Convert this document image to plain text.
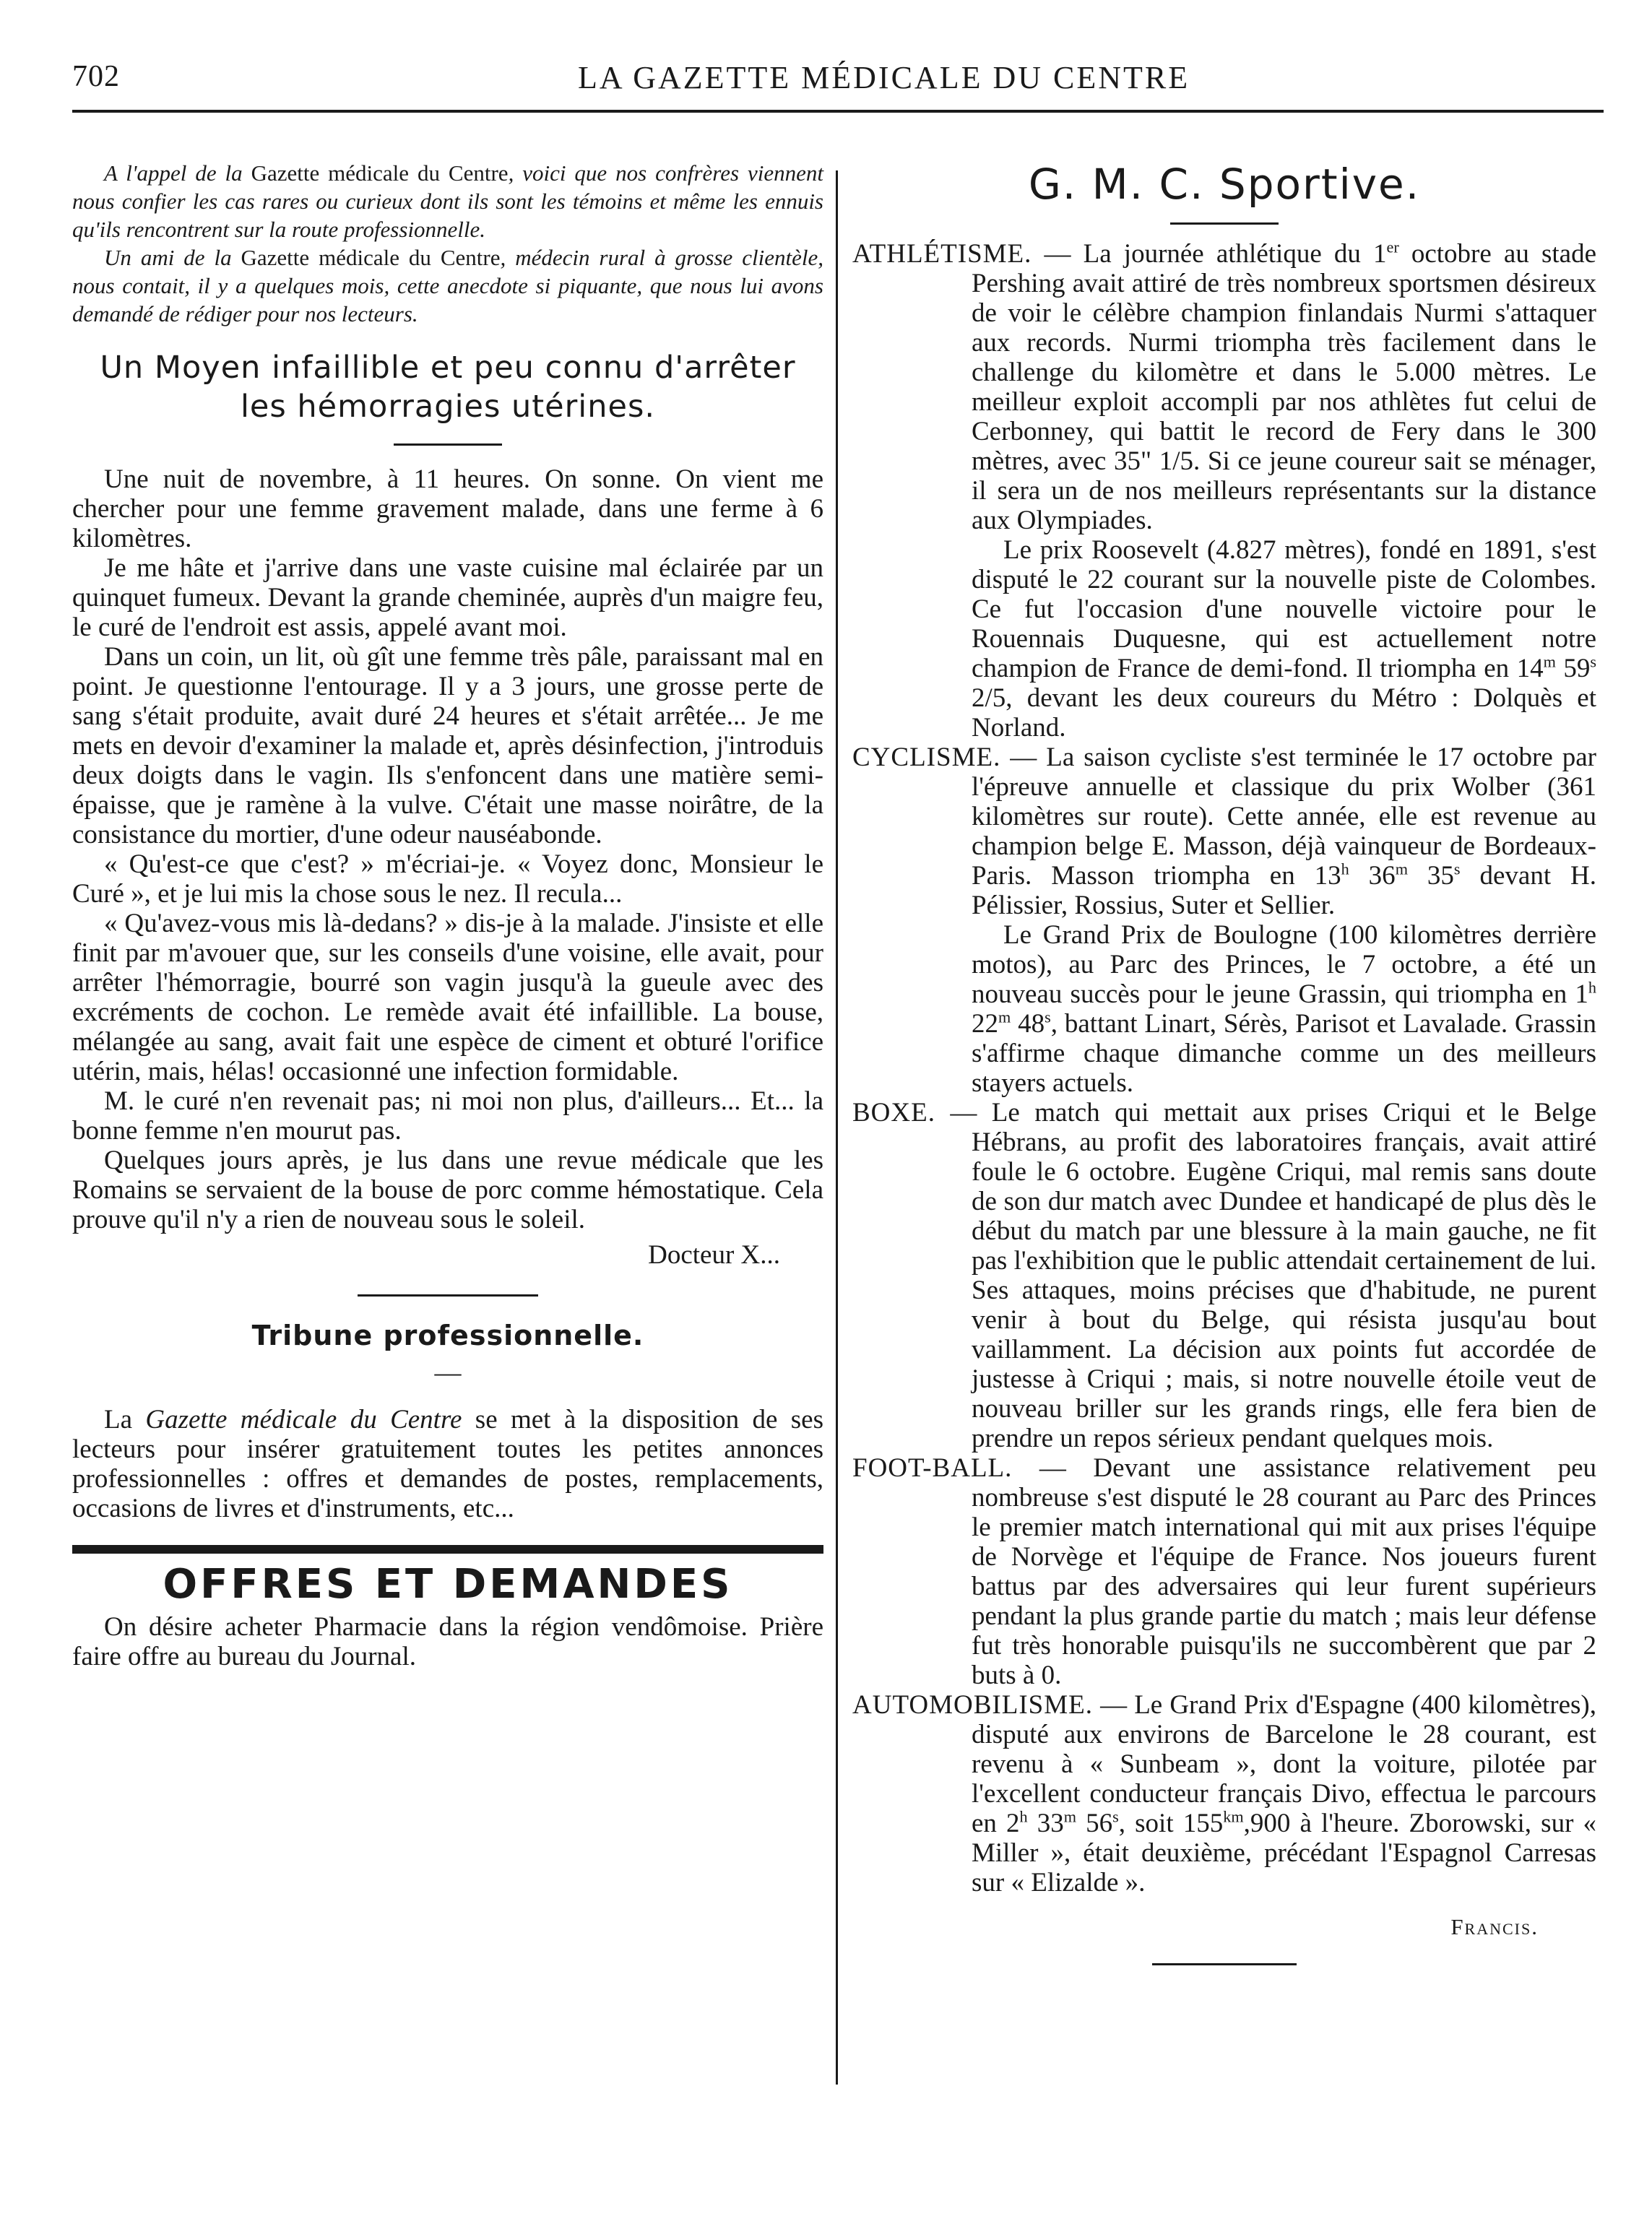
702	LA GAZETTE MÉDICALE DU CENTRE

A l'appel de la Gazette médicale du Centre, voici que nos confrères viennent nous confier les cas rares ou curieux dont ils sont les témoins et même les ennuis qu'ils rencontrent sur la route professionnelle.

Un ami de la Gazette médicale du Centre, médecin rural à grosse clientèle, nous contait, il y a quelques mois, cette anecdote si piquante, que nous lui avons demandé de rédiger pour nos lecteurs.

Un Moyen infaillible et peu connu d'arrêter les hémorragies utérines.

Une nuit de novembre, à 11 heures. On sonne. On vient me chercher pour une femme gravement malade, dans une ferme à 6 kilomètres.

Je me hâte et j'arrive dans une vaste cuisine mal éclairée par un quinquet fumeux. Devant la grande cheminée, auprès d'un maigre feu, le curé de l'endroit est assis, appelé avant moi.

Dans un coin, un lit, où gît une femme très pâle, paraissant mal en point. Je questionne l'entourage. Il y a 3 jours, une grosse perte de sang s'était produite, avait duré 24 heures et s'était arrêtée... Je me mets en devoir d'examiner la malade et, après désinfection, j'introduis deux doigts dans le vagin. Ils s'enfoncent dans une matière semi-épaisse, que je ramène à la vulve. C'était une masse noirâtre, de la consistance du mortier, d'une odeur nauséabonde.

« Qu'est-ce que c'est? » m'écriai-je. « Voyez donc, Monsieur le Curé », et je lui mis la chose sous le nez. Il recula...

« Qu'avez-vous mis là-dedans? » dis-je à la malade. J'insiste et elle finit par m'avouer que, sur les conseils d'une voisine, elle avait, pour arrêter l'hémorragie, bourré son vagin jusqu'à la gueule avec des excréments de cochon. Le remède avait été infaillible. La bouse, mélangée au sang, avait fait une espèce de ciment et obturé l'orifice utérin, mais, hélas! occasionné une infection formidable.

M. le curé n'en revenait pas; ni moi non plus, d'ailleurs... Et... la bonne femme n'en mourut pas.

Quelques jours après, je lus dans une revue médicale que les Romains se servaient de la bouse de porc comme hémostatique. Cela prouve qu'il n'y a rien de nouveau sous le soleil.

Docteur X...
Tribune professionnelle.
—

La Gazette médicale du Centre se met à la disposition de ses lecteurs pour insérer gratuitement toutes les petites annonces professionnelles : offres et demandes de postes, remplacements, occasions de livres et d'instruments, etc...

OFFRES ET DEMANDES

On désire acheter Pharmacie dans la région vendômoise. Prière faire offre au bureau du Journal.

G. M. C. Sportive.

ATHLÉTISME. — La journée athlétique du 1er octobre au stade Pershing avait attiré de très nombreux sportsmen désireux de voir le célèbre champion finlandais Nurmi s'attaquer aux records. Nurmi triompha très facilement dans le challenge du kilomètre et dans le 5.000 mètres. Le meilleur exploit accompli par nos athlètes fut celui de Cerbonney, qui battit le record de Fery dans le 300 mètres, avec 35" 1/5. Si ce jeune coureur sait se ménager, il sera un de nos meilleurs représentants sur la distance aux Olympiades.

Le prix Roosevelt (4.827 mètres), fondé en 1891, s'est disputé le 22 courant sur la nouvelle piste de Colombes. Ce fut l'occasion d'une nouvelle victoire pour le Rouennais Duquesne, qui est actuellement notre champion de France de demi-fond. Il triompha en 14$^m$ 59$^s$ 2/5, devant les deux coureurs du Métro : Dolquès et Norland.

CYCLISME. — La saison cycliste s'est terminée le 17 octobre par l'épreuve annuelle et classique du prix Wolber (361 kilomètres sur route). Cette année, elle est revenue au champion belge E. Masson, déjà vainqueur de Bordeaux-Paris. Masson triompha en 13$^h$ 36$^m$ 35$^s$ devant H. Pélissier, Rossius, Suter et Sellier.

Le Grand Prix de Boulogne (100 kilomètres derrière motos), au Parc des Princes, le 7 octobre, a été un nouveau succès pour le jeune Grassin, qui triompha en 1$^h$ 22$^m$ 48$^s$, battant Linart, Sérès, Parisot et Lavalade. Grassin s'affirme chaque dimanche comme un des meilleurs stayers actuels.

BOXE. — Le match qui mettait aux prises Criqui et le Belge Hébrans, au profit des laboratoires français, avait attiré foule le 6 octobre. Eugène Criqui, mal remis sans doute de son dur match avec Dundee et handicapé de plus dès le début du match par une blessure à la main gauche, ne fit pas l'exhibition que le public attendait certainement de lui. Ses attaques, moins précises que d'habitude, ne purent venir à bout du Belge, qui résista jusqu'au bout vaillamment. La décision aux points fut accordée de justesse à Criqui ; mais, si notre nouvelle étoile veut de nouveau briller sur les grands rings, elle fera bien de prendre un repos sérieux pendant quelques mois.

FOOT-BALL. — Devant une assistance relativement peu nombreuse s'est disputé le 28 courant au Parc des Princes le premier match international qui mit aux prises l'équipe de Norvège et l'équipe de France. Nos joueurs furent battus par des adversaires qui leur furent supérieurs pendant la plus grande partie du match ; mais leur défense fut très honorable puisqu'ils ne succombèrent que par 2 buts à 0.

AUTOMOBILISME. — Le Grand Prix d'Espagne (400 kilomètres), disputé aux environs de Barcelone le 28 courant, est revenu à « Sunbeam », dont la voiture, pilotée par l'excellent conducteur français Divo, effectua le parcours en 2$^h$ 33$^m$ 56$^s$, soit $155^{km},900$ à l'heure. Zborowski, sur « Miller », était deuxième, précédant l'Espagnol Carresas sur « Elizalde ».

Francis.
